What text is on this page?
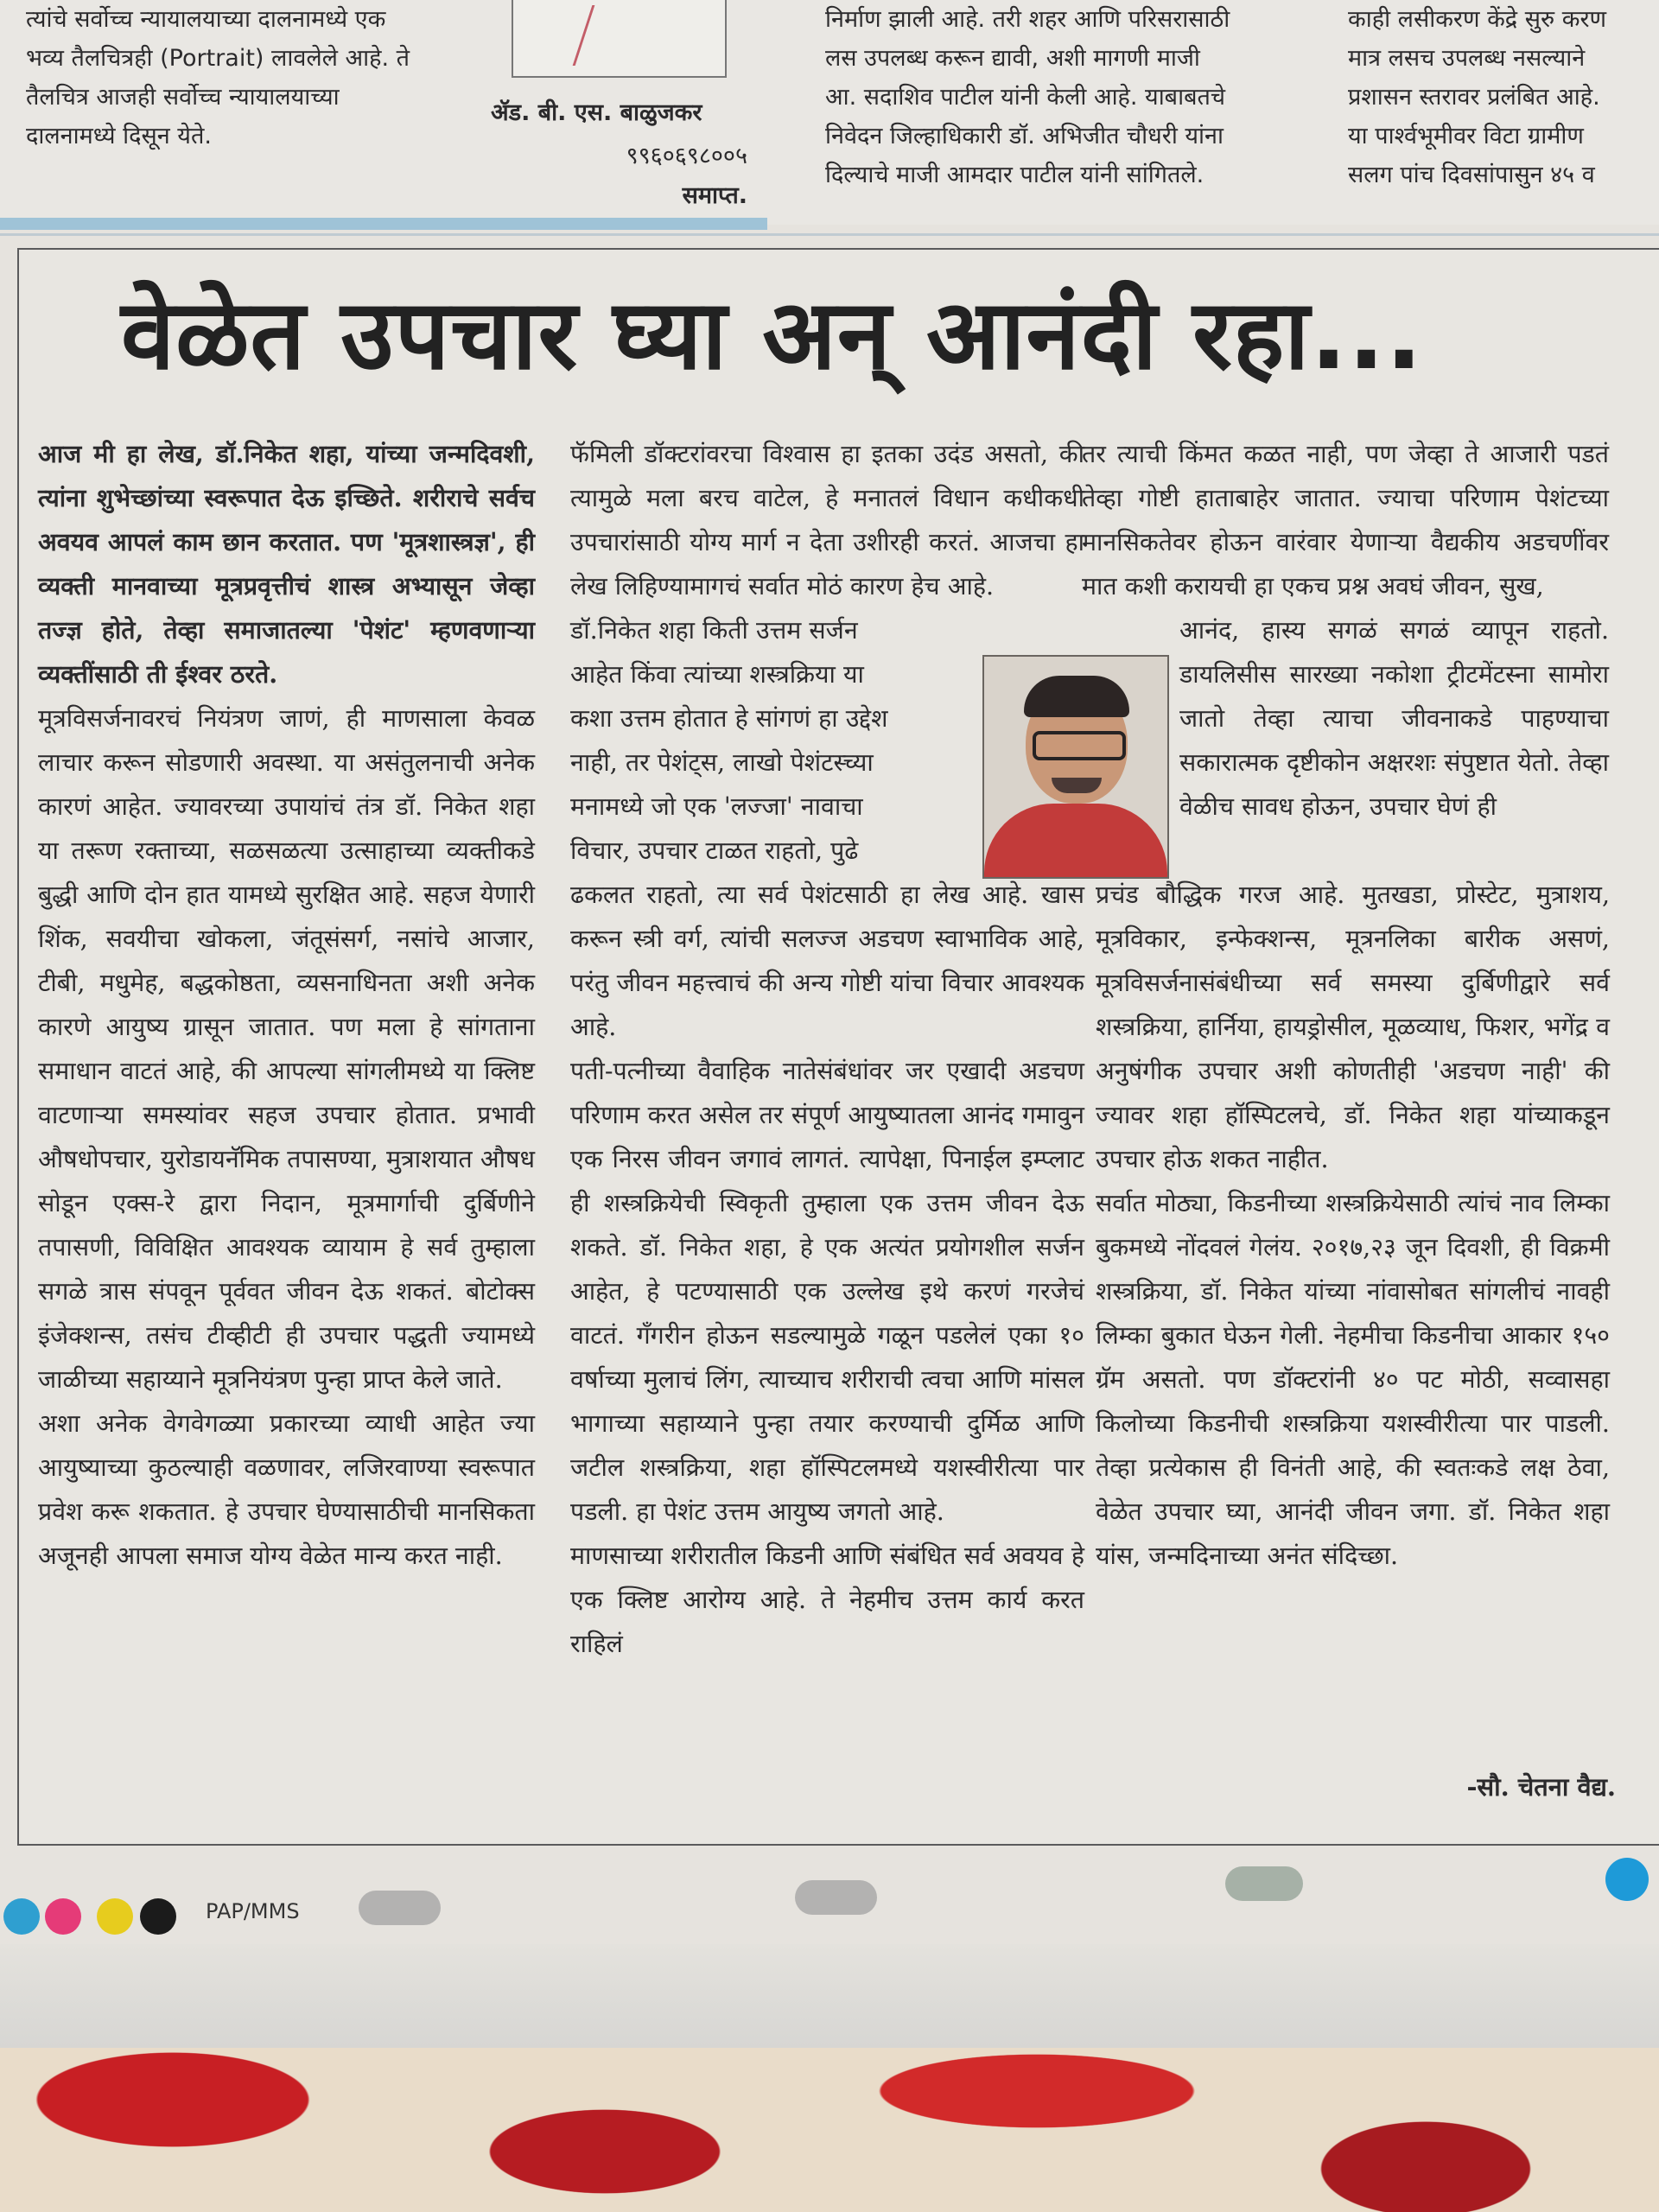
त्यांचे सर्वोच्च न्यायालयाच्या दालनामध्ये एक
भव्य तैलचित्रही (Portrait) लावलेले आहे. ते
तैलचित्र आजही सर्वोच्च न्यायालयाच्या
दालनामध्ये दिसून येते.

निर्माण झाली आहे. तरी शहर आणि परिसरासाठी
लस उपलब्ध करून द्यावी, अशी मागणी माजी
आ. सदाशिव पाटील यांनी केली आहे. याबाबतचे
निवेदन जिल्हाधिकारी डॉ. अभिजीत चौधरी यांना
दिल्याचे माजी आमदार पाटील यांनी सांगितले.

काही लसीकरण केंद्रे सुरु करण
मात्र लसच उपलब्ध नसल्याने
प्रशासन स्तरावर प्रलंबित आहे.
या पार्श्वभूमीवर विटा ग्रामीण
सलग पांच दिवसांपासुन ४५ व

ॲड. बी. एस. बाळुजकर
९९६०६९८००५
समाप्त.
वेळेत उपचार घ्या अन् आनंदी रहा...

आज मी हा लेख, डॉ.निकेत शहा, यांच्या जन्मदिवशी, त्यांना शुभेच्छांच्या स्वरूपात देऊ इच्छिते. शरीराचे सर्वच अवयव आपलं काम छान करतात. पण 'मूत्रशास्त्रज्ञ', ही व्यक्ती मानवाच्या मूत्रप्रवृत्तीचं शास्त्र अभ्यासून जेव्हा तज्ज्ञ होते, तेव्हा समाजातल्या 'पेशंट' म्हणवणाऱ्या व्यक्तींसाठी ती ईश्वर ठरते.

मूत्रविसर्जनावरचं नियंत्रण जाणं, ही माणसाला केवळ लाचार करून सोडणारी अवस्था. या असंतुलनाची अनेक कारणं आहेत. ज्यावरच्या उपायांचं तंत्र डॉ. निकेत शहा या तरूण रक्ताच्या, सळसळत्या उत्साहाच्या व्यक्तीकडे बुद्धी आणि दोन हात यामध्ये सुरक्षित आहे. सहज येणारी शिंक, सवयीचा खोकला, जंतूसंसर्ग, नसांचे आजार, टीबी, मधुमेह, बद्धकोष्ठता, व्यसनाधिनता अशी अनेक कारणे आयुष्य ग्रासून जातात. पण मला हे सांगताना समाधान वाटतं आहे, की आपल्या सांगलीमध्ये या क्लिष्ट वाटणाऱ्या समस्यांवर सहज उपचार होतात. प्रभावी औषधोपचार, युरोडायनॅमिक तपासण्या, मुत्राशयात औषध सोडून एक्स-रे द्वारा निदान, मूत्रमार्गाची दुर्बिणीने तपासणी, विविक्षित आवश्यक व्यायाम हे सर्व तुम्हाला सगळे त्रास संपवून पूर्ववत जीवन देऊ शकतं. बोटोक्स इंजेक्शन्स, तसंच टीव्हीटी ही उपचार पद्धती ज्यामध्ये जाळीच्या सहाय्याने मूत्रनियंत्रण पुन्हा प्राप्त केले जाते.
अशा अनेक वेगवेगळ्या प्रकारच्या व्याधी आहेत ज्या आयुष्याच्या कुठल्याही वळणावर, लजिरवाण्या स्वरूपात प्रवेश करू शकतात. हे उपचार घेण्यासाठीची मानसिकता अजूनही आपला समाज योग्य वेळेत मान्य करत नाही.

फॅमिली डॉक्टरांवरचा विश्वास हा इतका उदंड असतो, की त्यामुळे मला बरच वाटेल, हे मनातलं विधान कधीकधी उपचारांसाठी योग्य मार्ग न देता उशीरही करतं. आजचा हा लेख लिहिण्यामागचं सर्वात मोठं कारण हेच आहे.
डॉ.निकेत शहा किती उत्तम सर्जन
आहेत किंवा त्यांच्या शस्त्रक्रिया या
कशा उत्तम होतात हे सांगणं हा उद्देश
नाही, तर पेशंट्स, लाखो पेशंटस्च्या
मनामध्ये जो एक 'लज्जा' नावाचा
विचार, उपचार टाळत राहतो, पुढे
ढकलत राहतो, त्या सर्व पेशंटसाठी हा लेख आहे. खास करून स्त्री वर्ग, त्यांची सलज्ज अडचण स्वाभाविक आहे, परंतु जीवन महत्त्वाचं की अन्य गोष्टी यांचा विचार आवश्यक आहे.
पती-पत्नीच्या वैवाहिक नातेसंबंधांवर जर एखादी अडचण परिणाम करत असेल तर संपूर्ण आयुष्यातला आनंद गमावुन एक निरस जीवन जगावं लागतं. त्यापेक्षा, पिनाईल इम्प्लाट ही शस्त्रक्रियेची स्विकृती तुम्हाला एक उत्तम जीवन देऊ शकते. डॉ. निकेत शहा, हे एक अत्यंत प्रयोगशील सर्जन आहेत, हे पटण्यासाठी एक उल्लेख इथे करणं गरजेचं वाटतं. गँगरीन होऊन सडल्यामुळे गळून पडलेलं एका १० वर्षाच्या मुलाचं लिंग, त्याच्याच शरीराची त्वचा आणि मांसल भागाच्या सहाय्याने पुन्हा तयार करण्याची दुर्मिळ आणि जटील शस्त्रक्रिया, शहा हॉस्पिटलमध्ये यशस्वीरीत्या पार पडली. हा पेशंट उत्तम आयुष्य जगतो आहे.
माणसाच्या शरीरातील किडनी आणि संबंधित सर्व अवयव हे एक क्लिष्ट आरोग्य आहे. ते नेहमीच उत्तम कार्य करत राहिलं

तर त्याची किंमत कळत नाही, पण जेव्हा ते आजारी पडतं तेव्हा गोष्टी हाताबाहेर जातात. ज्याचा परिणाम पेशंटच्या मानसिकतेवर होऊन वारंवार येणाऱ्या वैद्यकीय अडचणींवर मात कशी करायची हा एकच प्रश्न अवघं जीवन, सुख,

आनंद, हास्य सगळं सगळं व्यापून राहतो. डायलिसीस सारख्या नकोशा ट्रीटमेंटस्ना सामोरा जातो तेव्हा त्याचा जीवनाकडे पाहण्याचा सकारात्मक दृष्टीकोन अक्षरशः संपुष्टात येतो. तेव्हा वेळीच सावध होऊन, उपचार घेणं ही

प्रचंड बौद्धिक गरज आहे. मुतखडा, प्रोस्टेट, मुत्राशय, मूत्रविकार, इन्फेक्शन्स, मूत्रनलिका बारीक असणं, मूत्रविसर्जनासंबंधीच्या सर्व समस्या दुर्बिणीद्वारे सर्व शस्त्रक्रिया, हार्निया, हायड्रोसील, मूळव्याध, फिशर, भगेंद्र व अनुषंगीक उपचार अशी कोणतीही 'अडचण नाही' की ज्यावर शहा हॉस्पिटलचे, डॉ. निकेत शहा यांच्याकडून उपचार होऊ शकत नाहीत.
सर्वात मोठ्या, किडनीच्या शस्त्रक्रियेसाठी त्यांचं नाव लिम्का बुकमध्ये नोंदवलं गेलंय. २०१७,२३ जून दिवशी, ही विक्रमी शस्त्रक्रिया, डॉ. निकेत यांच्या नांवासोबत सांगलीचं नावही लिम्का बुकात घेऊन गेली. नेहमीचा किडनीचा आकार १५० ग्रॅम असतो. पण डॉक्टरांनी ४० पट मोठी, सव्वासहा किलोच्या किडनीची शस्त्रक्रिया यशस्वीरीत्या पार पाडली. तेव्हा प्रत्येकास ही विनंती आहे, की स्वतःकडे लक्ष ठेवा, वेळेत उपचार घ्या, आनंदी जीवन जगा. डॉ. निकेत शहा यांस, जन्मदिनाच्या अनंत संदिच्छा.

-सौ. चेतना वैद्य.
PAP/MMS
